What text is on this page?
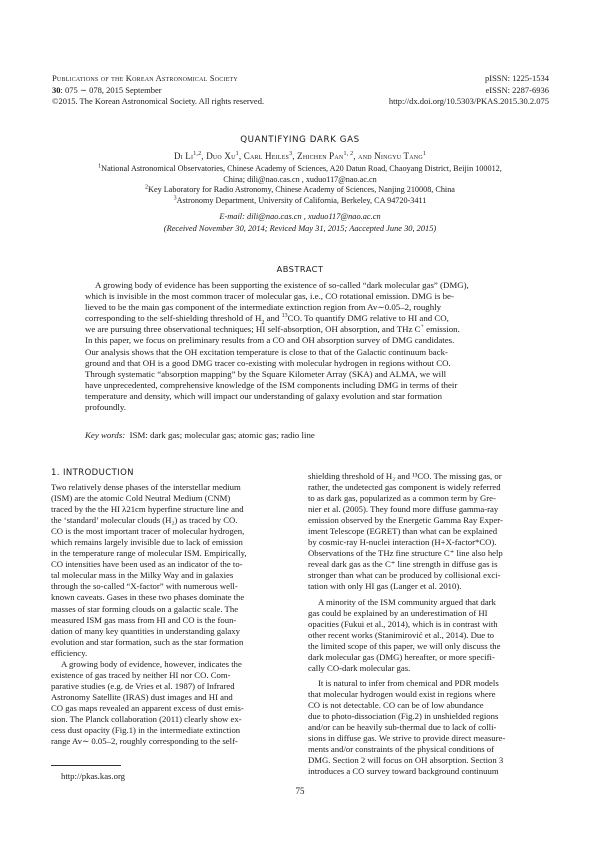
Publications of the Korean Astronomical Society
30: 075 ∼ 078, 2015 September
©2015. The Korean Astronomical Society. All rights reserved.
pISSN: 1225-1534
eISSN: 2287-6936
http://dx.doi.org/10.5303/PKAS.2015.30.2.075
QUANTIFYING DARK GAS
Di Li$^{1,2}$, Duo Xu$^1$, Carl Heiles$^3$, Zhichen Pan$^{1, 2}$, and Ningyu Tang$^1$
$^1$National Astronomical Observatories, Chinese Academy of Sciences, A20 Datun Road, Chaoyang District, Beijin 100012,
China; dili@nao.cas.cn , xuduo117@nao.ac.cn
$^2$Key Laboratory for Radio Astronomy, Chinese Academy of Sciences, Nanjing 210008, China
$^3$Astronomy Department, University of California, Berkeley, CA 94720-3411
E-mail: dili@nao.cas.cn , xuduo117@nao.ac.cn
(Received November 30, 2014; Reviced May 31, 2015; Aaccepted June 30, 2015)
ABSTRACT
A growing body of evidence has been supporting the existence of so-called “dark molecular gas” (DMG),
which is invisible in the most common tracer of molecular gas, i.e., CO rotational emission. DMG is be-
lieved to be the main gas component of the intermediate extinction region from Av∼0.05–2, roughly
corresponding to the self-shielding threshold of $H_2$ and $^{13}$CO. To quantify DMG relative to HI and CO,
we are pursuing three observational techniques; HI self-absorption, OH absorption, and THz C+ emission.
In this paper, we focus on preliminary results from a CO and OH absorption survey of DMG candidates.
Our analysis shows that the OH excitation temperature is close to that of the Galactic continuum back-
ground and that OH is a good DMG tracer co-existing with molecular hydrogen in regions without CO.
Through systematic “absorption mapping” by the Square Kilometer Array (SKA) and ALMA, we will
have unprecedented, comprehensive knowledge of the ISM components including DMG in terms of their
temperature and density, which will impact our understanding of galaxy evolution and star formation
profoundly.
Key words: ISM: dark gas; molecular gas; atomic gas; radio line
1. INTRODUCTION
Two relatively dense phases of the interstellar medium
(ISM) are the atomic Cold Neutral Medium (CNM)
traced by the the HI λ21cm hyperfine structure line and
the ‘standard’ molecular clouds (H₂) as traced by CO.
CO is the most important tracer of molecular hydrogen,
which remains largely invisible due to lack of emission
in the temperature range of molecular ISM. Empirically,
CO intensities have been used as an indicator of the to-
tal molecular mass in the Milky Way and in galaxies
through the so-called “X-factor” with numerous well-
known caveats. Gases in these two phases dominate the
masses of star forming clouds on a galactic scale. The
measured ISM gas mass from HI and CO is the foun-
dation of many key quantities in understanding galaxy
evolution and star formation, such as the star formation
efficiency.
A growing body of evidence, however, indicates the
existence of gas traced by neither HI nor CO. Com-
parative studies (e.g. de Vries et al. 1987) of Infrared
Astronomy Satellite (IRAS) dust images and HI and
CO gas maps revealed an apparent excess of dust emis-
sion. The Planck collaboration (2011) clearly show ex-
cess dust opacity (Fig.1) in the intermediate extinction
range Av∼ 0.05–2, roughly corresponding to the self-
shielding threshold of H₂ and ¹³CO. The missing gas, or
rather, the undetected gas component is widely referred
to as dark gas, popularized as a common term by Gre-
nier et al. (2005). They found more diffuse gamma-ray
emission observed by the Energetic Gamma Ray Exper-
iment Telescope (EGRET) than what can be explained
by cosmic-ray H-nuclei interaction (H+X-factor*CO).
Observations of the THz fine structure C⁺ line also help
reveal dark gas as the C⁺ line strength in diffuse gas is
stronger than what can be produced by collisional exci-
tation with only HI gas (Langer et al. 2010).
A minority of the ISM community argued that dark
gas could be explained by an underestimation of HI
opacities (Fukui et al., 2014), which is in contrast with
other recent works (Stanimirović et al., 2014). Due to
the limited scope of this paper, we will only discuss the
dark molecular gas (DMG) hereafter, or more specifi-
cally CO-dark molecular gas.
It is natural to infer from chemical and PDR models
that molecular hydrogen would exist in regions where
CO is not detectable. CO can be of low abundance
due to photo-dissociation (Fig.2) in unshielded regions
and/or can be heavily sub-thermal due to lack of colli-
sions in diffuse gas. We strive to provide direct measure-
ments and/or constraints of the physical conditions of
DMG. Section 2 will focus on OH absorption. Section 3
introduces a CO survey toward background continuum
http://pkas.kas.org
75
